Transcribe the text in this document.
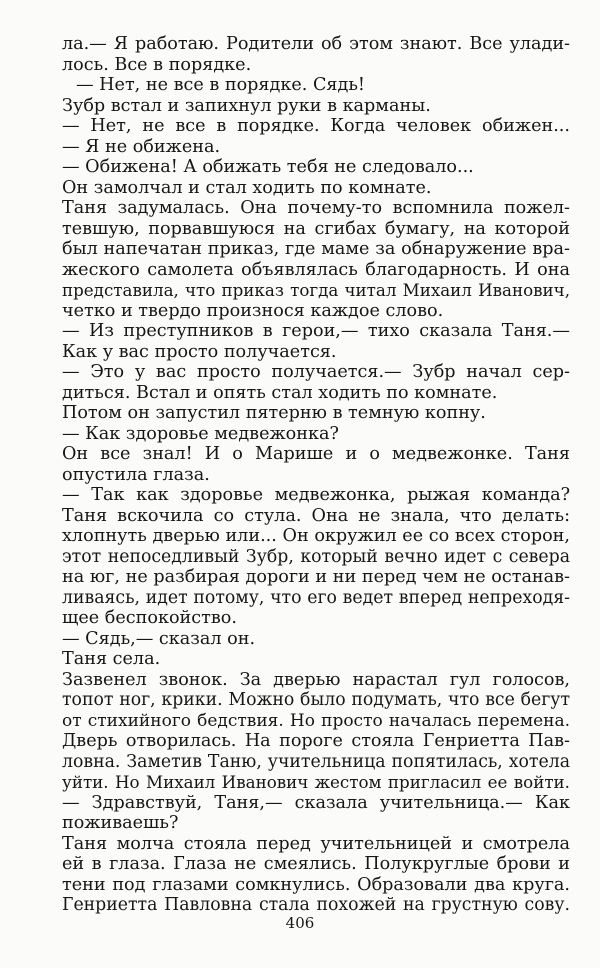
ла.— Я работаю. Родители об этом знают. Все улади-
лось. Все в порядке.
— Нет, не все в порядке. Сядь!
Зубр встал и запихнул руки в карманы.
— Нет, не все в порядке. Когда человек обижен...
— Я не обижена.
— Обижена! А обижать тебя не следовало...
Он замолчал и стал ходить по комнате.
Таня задумалась. Она почему-то вспомнила пожел-
тевшую, порвавшуюся на сгибах бумагу, на которой
был напечатан приказ, где маме за обнаружение вра-
жеского самолета объявлялась благодарность. И она
представила, что приказ тогда читал Михаил Иванович,
четко и твердо произнося каждое слово.
— Из преступников в герои,— тихо сказала Таня.—
Как у вас просто получается.
— Это у вас просто получается.— Зубр начал сер-
диться. Встал и опять стал ходить по комнате.
Потом он запустил пятерню в темную копну.
— Как здоровье медвежонка?
Он все знал! И о Марише и о медвежонке. Таня
опустила глаза.
— Так как здоровье медвежонка, рыжая команда?
Таня вскочила со стула. Она не знала, что делать:
хлопнуть дверью или... Он окружил ее со всех сторон,
этот непоседливый Зубр, который вечно идет с севера
на юг, не разбирая дороги и ни перед чем не останав-
ливаясь, идет потому, что его ведет вперед непреходя-
щее беспокойство.
— Сядь,— сказал он.
Таня села.
Зазвенел звонок. За дверью нарастал гул голосов,
топот ног, крики. Можно было подумать, что все бегут
от стихийного бедствия. Но просто началась перемена.
Дверь отворилась. На пороге стояла Генриетта Пав-
ловна. Заметив Таню, учительница попятилась, хотела
уйти. Но Михаил Иванович жестом пригласил ее войти.
— Здравствуй, Таня,— сказала учительница.— Как
поживаешь?
Таня молча стояла перед учительницей и смотрела
ей в глаза. Глаза не смеялись. Полукруглые брови и
тени под глазами сомкнулись. Образовали два круга.
Генриетта Павловна стала похожей на грустную сову.
406
